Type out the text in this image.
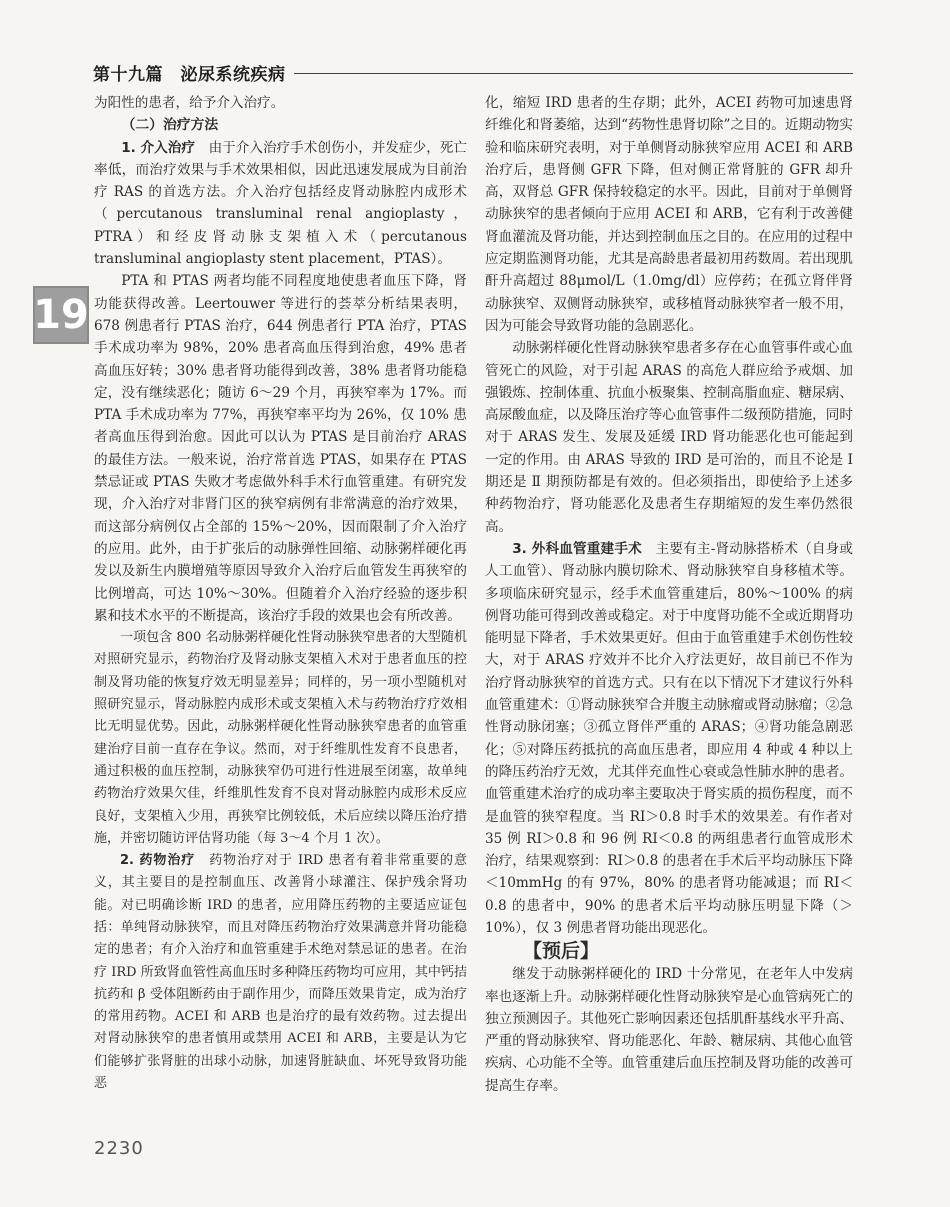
第十九篇　泌尿系统疾病
19

为阳性的患者，给予介入治疗。

（二）治疗方法

1. 介入治疗　由于介入治疗手术创伤小，并发症少，死亡率低，而治疗效果与手术效果相似，因此迅速发展成为目前治疗 RAS 的首选方法。介入治疗包括经皮肾动脉腔内成形术（percutanous transluminal renal angioplasty，PTRA）和经皮肾动脉支架植入术（percutanous transluminal angioplasty stent placement，PTAS）。

PTA 和 PTAS 两者均能不同程度地使患者血压下降，肾功能获得改善。Leertouwer 等进行的荟萃分析结果表明，678 例患者行 PTAS 治疗，644 例患者行 PTA 治疗，PTAS 手术成功率为 98%，20% 患者高血压得到治愈，49% 患者高血压好转；30% 患者肾功能得到改善，38% 患者肾功能稳定，没有继续恶化；随访 6～29 个月，再狭窄率为 17%。而 PTA 手术成功率为 77%，再狭窄率平均为 26%，仅 10% 患者高血压得到治愈。因此可以认为 PTAS 是目前治疗 ARAS 的最佳方法。一般来说，治疗常首选 PTAS，如果存在 PTAS 禁忌证或 PTAS 失败才考虑做外科手术行血管重建。有研究发现，介入治疗对非肾门区的狭窄病例有非常满意的治疗效果，而这部分病例仅占全部的 15%～20%，因而限制了介入治疗的应用。此外，由于扩张后的动脉弹性回缩、动脉粥样硬化再发以及新生内膜增殖等原因导致介入治疗后血管发生再狭窄的比例增高，可达 10%～30%。但随着介入治疗经验的逐步积累和技术水平的不断提高，该治疗手段的效果也会有所改善。

一项包含 800 名动脉粥样硬化性肾动脉狭窄患者的大型随机对照研究显示，药物治疗及肾动脉支架植入术对于患者血压的控制及肾功能的恢复疗效无明显差异；同样的，另一项小型随机对照研究显示，肾动脉腔内成形术或支架植入术与药物治疗疗效相比无明显优势。因此，动脉粥样硬化性肾动脉狭窄患者的血管重建治疗目前一直存在争议。然而，对于纤维肌性发育不良患者，通过积极的血压控制，动脉狭窄仍可进行性进展至闭塞，故单纯药物治疗效果欠佳，纤维肌性发育不良对肾动脉腔内成形术反应良好，支架植入少用，再狭窄比例较低，术后应续以降压治疗措施，并密切随访评估肾功能（每 3～4 个月 1 次）。

2. 药物治疗　药物治疗对于 IRD 患者有着非常重要的意义，其主要目的是控制血压、改善肾小球灌注、保护残余肾功能。对已明确诊断 IRD 的患者，应用降压药物的主要适应证包括：单纯肾动脉狭窄，而且对降压药物治疗效果满意并肾功能稳定的患者；有介入治疗和血管重建手术绝对禁忌证的患者。在治疗 IRD 所致肾血管性高血压时多种降压药物均可应用，其中钙拮抗药和 β 受体阻断药由于副作用少，而降压效果肯定，成为治疗的常用药物。ACEI 和 ARB 也是治疗的最有效药物。过去提出对肾动脉狭窄的患者慎用或禁用 ACEI 和 ARB，主要是认为它们能够扩张肾脏的出球小动脉，加速肾脏缺血、坏死导致肾功能恶

化，缩短 IRD 患者的生存期；此外，ACEI 药物可加速患肾纤维化和肾萎缩，达到“药物性患肾切除”之目的。近期动物实验和临床研究表明，对于单侧肾动脉狭窄应用 ACEI 和 ARB 治疗后，患肾侧 GFR 下降，但对侧正常肾脏的 GFR 却升高，双肾总 GFR 保持较稳定的水平。因此，目前对于单侧肾动脉狭窄的患者倾向于应用 ACEI 和 ARB，它有利于改善健肾血灌流及肾功能，并达到控制血压之目的。在应用的过程中应定期监测肾功能，尤其是高龄患者最初用药数周。若出现肌酐升高超过 88μmol/L（1.0mg/dl）应停药；在孤立肾伴肾动脉狭窄、双侧肾动脉狭窄，或移植肾动脉狭窄者一般不用，因为可能会导致肾功能的急剧恶化。

动脉粥样硬化性肾动脉狭窄患者多存在心血管事件或心血管死亡的风险，对于引起 ARAS 的高危人群应给予戒烟、加强锻炼、控制体重、抗血小板聚集、控制高脂血症、糖尿病、高尿酸血症，以及降压治疗等心血管事件二级预防措施，同时对于 ARAS 发生、发展及延缓 IRD 肾功能恶化也可能起到一定的作用。由 ARAS 导致的 IRD 是可治的，而且不论是 Ⅰ 期还是 Ⅱ 期预防都是有效的。但必须指出，即使给予上述多种药物治疗，肾功能恶化及患者生存期缩短的发生率仍然很高。

3. 外科血管重建手术　主要有主-肾动脉搭桥术（自身或人工血管）、肾动脉内膜切除术、肾动脉狭窄自身移植术等。多项临床研究显示，经手术血管重建后，80%～100% 的病例肾功能可得到改善或稳定。对于中度肾功能不全或近期肾功能明显下降者，手术效果更好。但由于血管重建手术创伤性较大，对于 ARAS 疗效并不比介入疗法更好，故目前已不作为治疗肾动脉狭窄的首选方式。只有在以下情况下才建议行外科血管重建术：①肾动脉狭窄合并腹主动脉瘤或肾动脉瘤；②急性肾动脉闭塞；③孤立肾伴严重的 ARAS；④肾功能急剧恶化；⑤对降压药抵抗的高血压患者，即应用 4 种或 4 种以上的降压药治疗无效，尤其伴充血性心衰或急性肺水肿的患者。血管重建术治疗的成功率主要取决于肾实质的损伤程度，而不是血管的狭窄程度。当 RI＞0.8 时手术的效果差。有作者对 35 例 RI＞0.8 和 96 例 RI＜0.8 的两组患者行血管成形术治疗，结果观察到：RI＞0.8 的患者在手术后平均动脉压下降＜10mmHg 的有 97%，80% 的患者肾功能减退；而 RI＜0.8 的患者中，90% 的患者术后平均动脉压明显下降（＞10%），仅 3 例患者肾功能出现恶化。

【预后】

继发于动脉粥样硬化的 IRD 十分常见，在老年人中发病率也逐渐上升。动脉粥样硬化性肾动脉狭窄是心血管病死亡的独立预测因子。其他死亡影响因素还包括肌酐基线水平升高、严重的肾动脉狭窄、肾功能恶化、年龄、糖尿病、其他心血管疾病、心功能不全等。血管重建后血压控制及肾功能的改善可提高生存率。

2230
